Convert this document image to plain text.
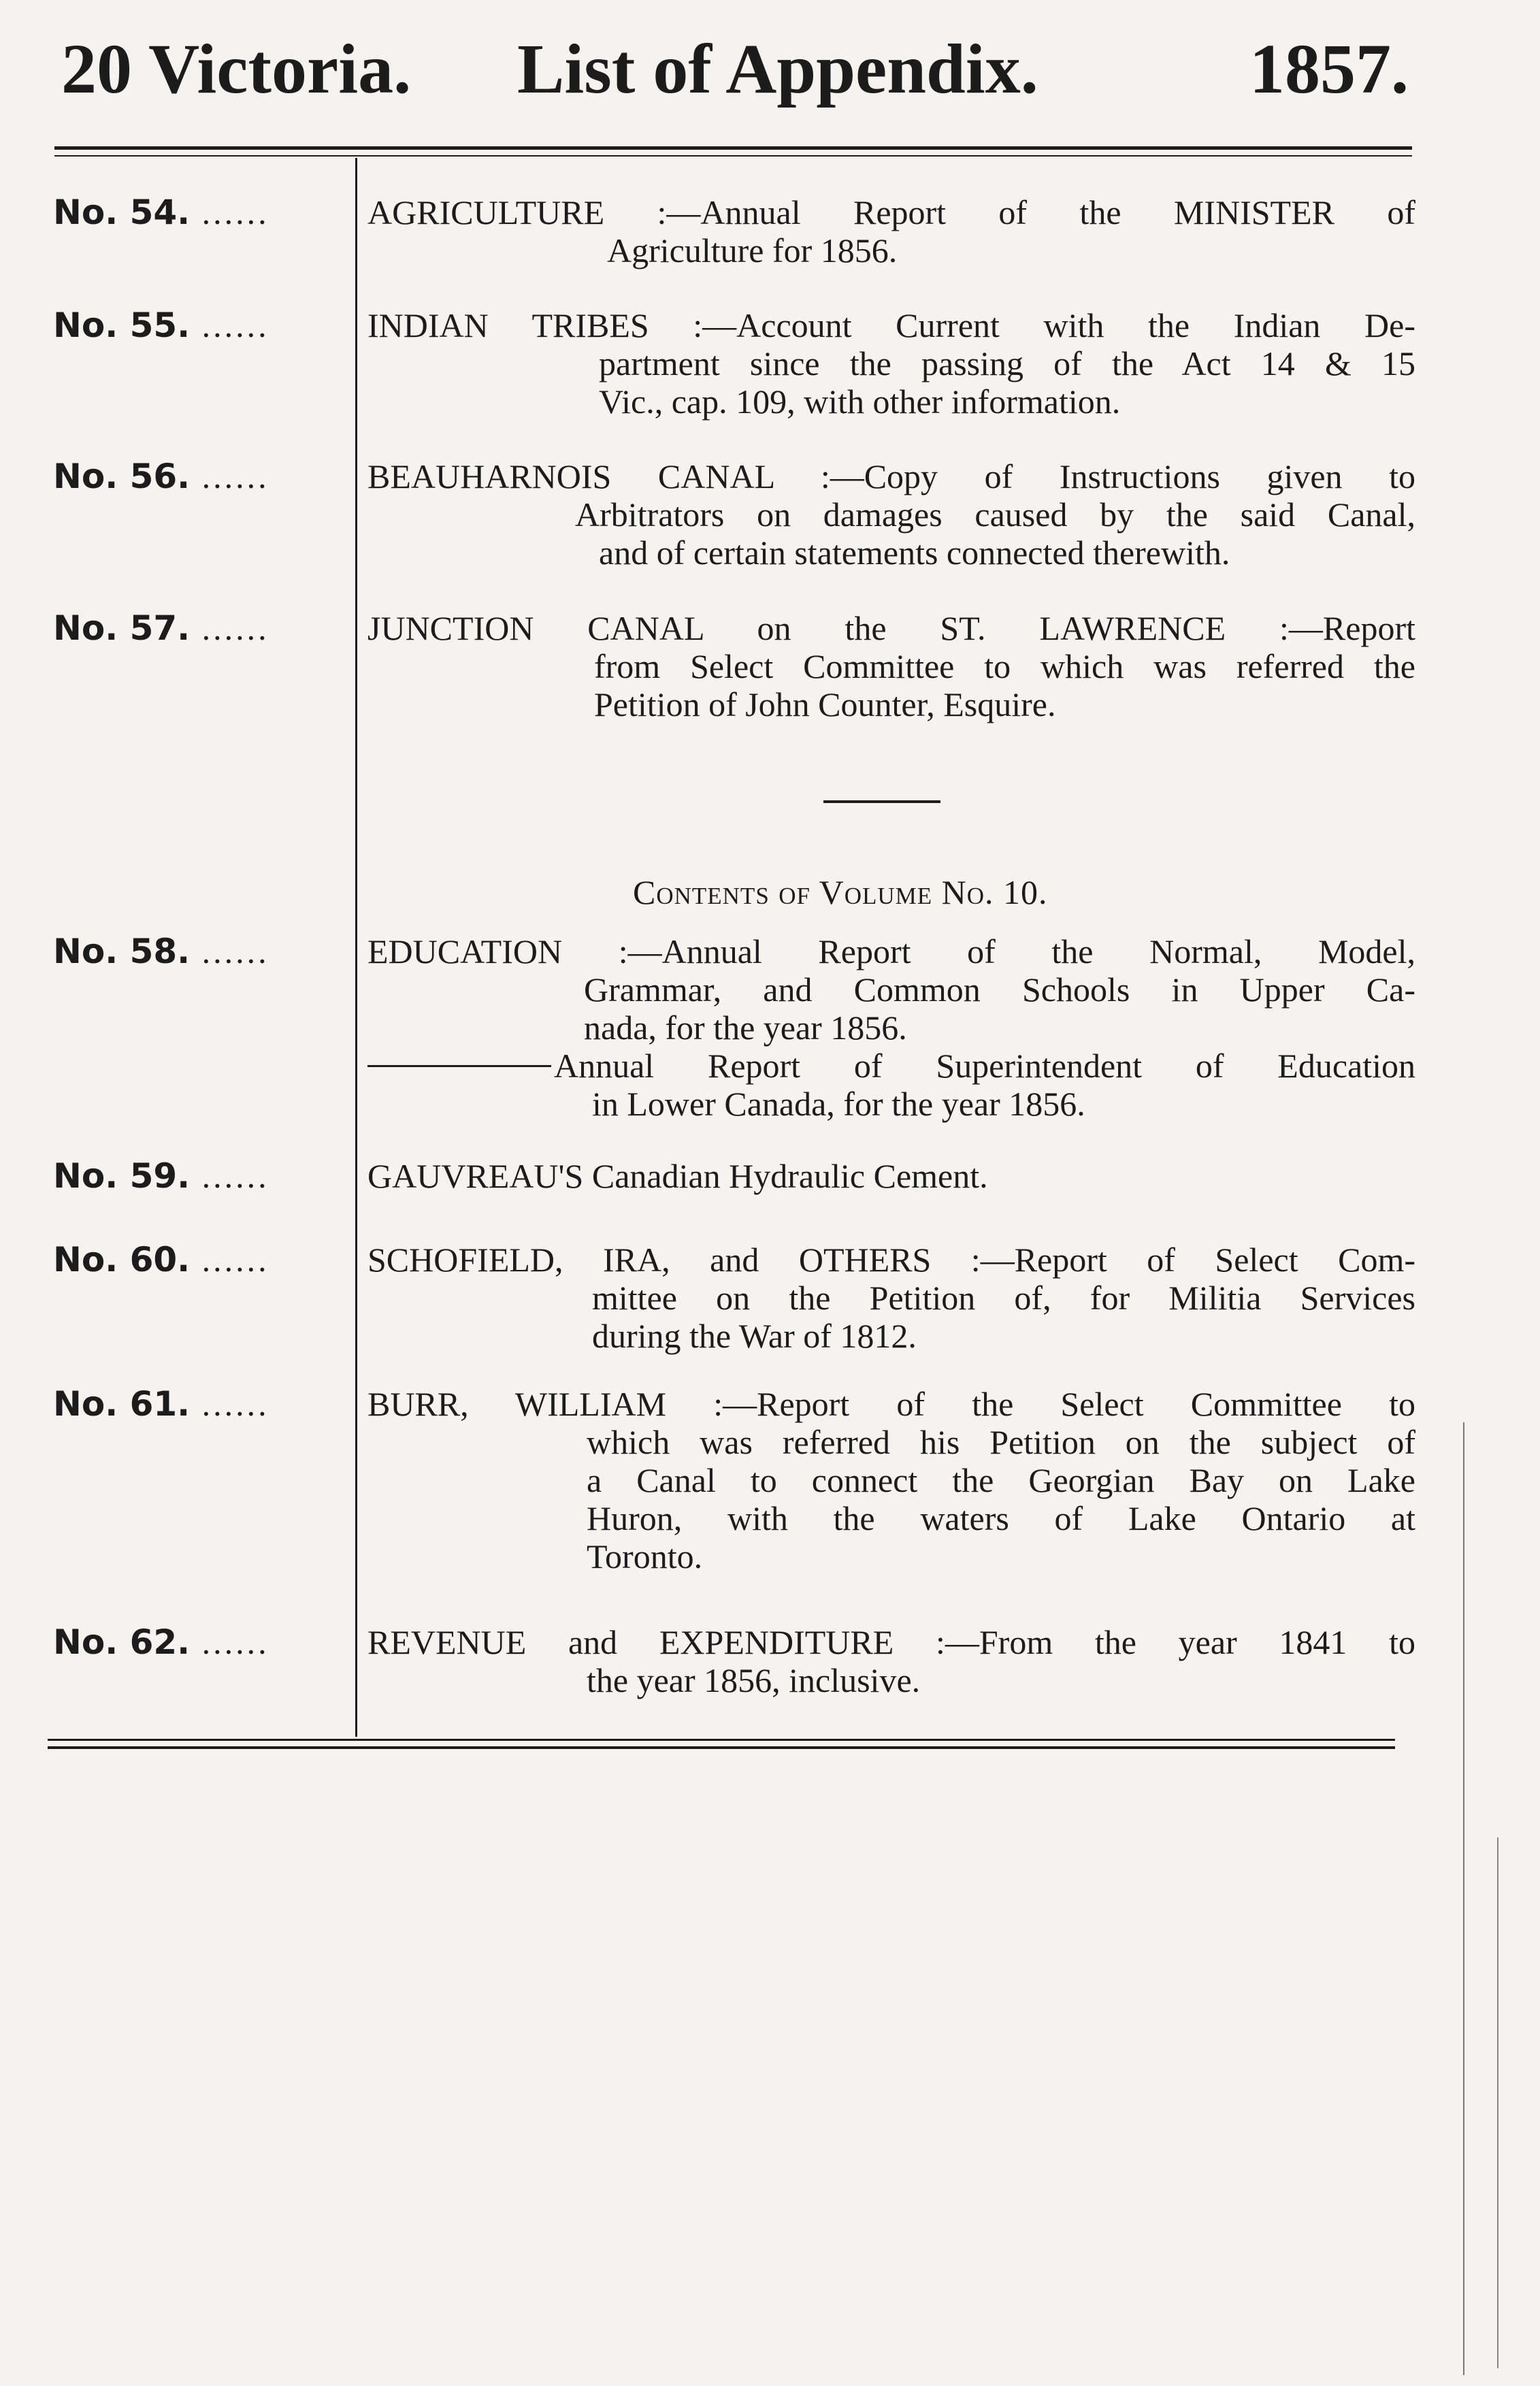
20 Victoria. List of Appendix.	1857.
No. 54. ......	AGRICULTURE :—Annual Report of the MINISTER of
Agriculture for 1856.
No. 55. ......	INDIAN TRIBES :—Account Current with the Indian De-
partment since the passing of the Act 14 & 15
Vic., cap. 109, with other information.
No. 56. ......	BEAUHARNOIS CANAL :—Copy of Instructions given to
Arbitrators on damages caused by the said Canal,
and of certain statements connected therewith.
No. 57. ......	JUNCTION CANAL on the ST. LAWRENCE :—Report
from Select Committee to which was referred the
Petition of John Counter, Esquire.
Contents of Volume No. 10.
No. 58. ......	EDUCATION :—Annual Report of the Normal, Model,
Grammar, and Common Schools in Upper Ca-
nada, for the year 1856.
Annual Report of Superintendent of Education
in Lower Canada, for the year 1856.
No. 59. ......	GAUVREAU'S Canadian Hydraulic Cement.
No. 60. ......	SCHOFIELD, IRA, and OTHERS :—Report of Select Com-
mittee on the Petition of, for Militia Services
during the War of 1812.
No. 61. ......	BURR, WILLIAM :—Report of the Select Committee to
which was referred his Petition on the subject of
a Canal to connect the Georgian Bay on Lake
Huron, with the waters of Lake Ontario at
Toronto.
No. 62. ......	REVENUE and EXPENDITURE :—From the year 1841 to
the year 1856, inclusive.
